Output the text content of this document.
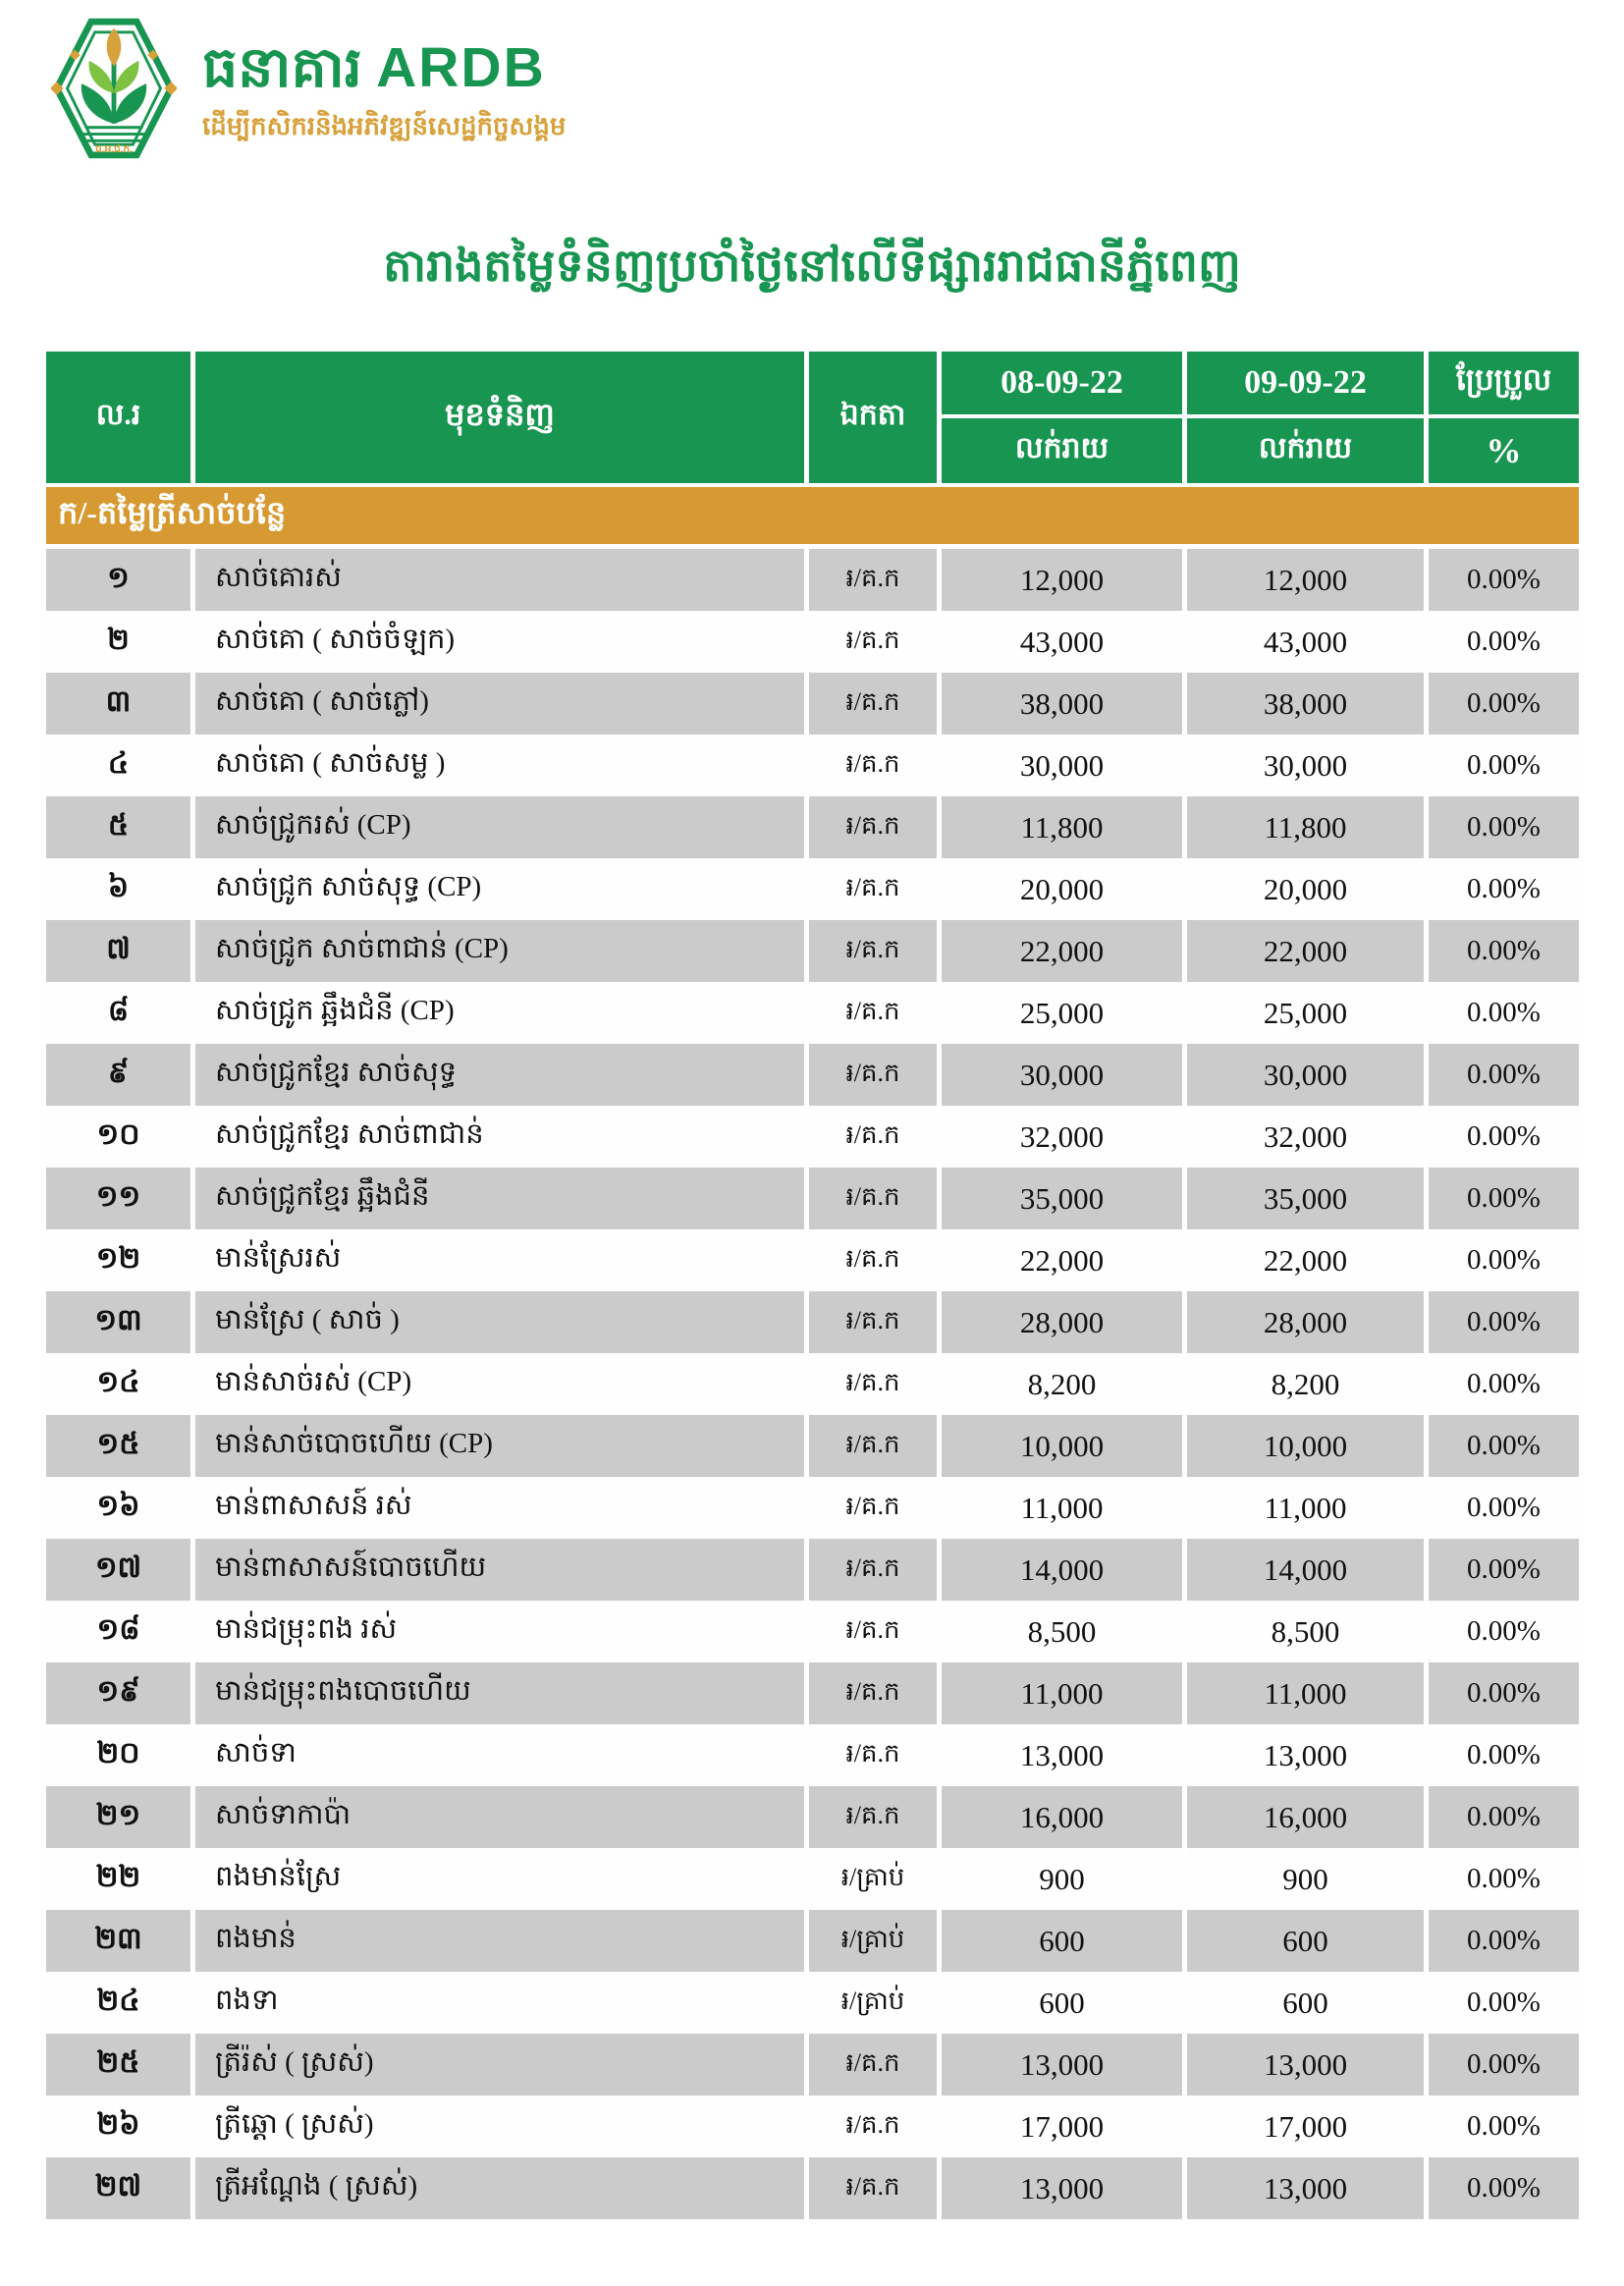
ធ.អ.ជ.ក.
ធនាគារ ARDB
ដើម្បីកសិករនិងអភិវឌ្ឍន៍សេដ្ឋកិច្ចសង្គម
តារាងតម្លៃទំនិញប្រចាំថ្ងៃនៅលើទីផ្សាររាជធានីភ្នំពេញ
ល.រ	មុខទំនិញ	ឯកតា
08-09-22	09-09-22	ប្រែប្រួល
លក់រាយ	លក់រាយ	%
ក/-តម្លៃត្រីសាច់បន្លែ
១	សាច់គោរស់	៛/គ.ក	12,000	12,000	0.00%
២	សាច់គោ ( សាច់ចំឡក)	៛/គ.ក	43,000	43,000	0.00%
៣	សាច់គោ ( សាច់ភ្លៅ)	៛/គ.ក	38,000	38,000	0.00%
៤	សាច់គោ ( សាច់សម្ល )	៛/គ.ក	30,000	30,000	0.00%
៥	សាច់ជ្រូករស់ (CP)	៛/គ.ក	11,800	11,800	0.00%
៦	សាច់ជ្រូក សាច់សុទ្ធ (CP)	៛/គ.ក	20,000	20,000	0.00%
៧	សាច់ជ្រូក សាច់ពាជាន់ (CP)	៛/គ.ក	22,000	22,000	0.00%
៨	សាច់ជ្រូក ឆ្អឹងជំនី (CP)	៛/គ.ក	25,000	25,000	0.00%
៩	សាច់ជ្រូកខ្មែរ សាច់សុទ្ធ	៛/គ.ក	30,000	30,000	0.00%
១០	សាច់ជ្រូកខ្មែរ សាច់ពាជាន់	៛/គ.ក	32,000	32,000	0.00%
១១	សាច់ជ្រូកខ្មែរ ឆ្អឹងជំនី	៛/គ.ក	35,000	35,000	0.00%
១២	មាន់ស្រែរស់	៛/គ.ក	22,000	22,000	0.00%
១៣	មាន់ស្រែ ( សាច់ )	៛/គ.ក	28,000	28,000	0.00%
១៤	មាន់សាច់រស់ (CP)	៛/គ.ក	8,200	8,200	0.00%
១៥	មាន់សាច់បោចហើយ (CP)	៛/គ.ក	10,000	10,000	0.00%
១៦	មាន់ពាសាសន៍ រស់	៛/គ.ក	11,000	11,000	0.00%
១៧	មាន់ពាសាសន៍បោចហើយ	៛/គ.ក	14,000	14,000	0.00%
១៨	មាន់ជម្រុះពង រស់	៛/គ.ក	8,500	8,500	0.00%
១៩	មាន់ជម្រុះពងបោចហើយ	៛/គ.ក	11,000	11,000	0.00%
២០	សាច់ទា	៛/គ.ក	13,000	13,000	0.00%
២១	សាច់ទាកាប៉ា	៛/គ.ក	16,000	16,000	0.00%
២២	ពងមាន់ស្រែ	៛/គ្រាប់	900	900	0.00%
២៣	ពងមាន់	៛/គ្រាប់	600	600	0.00%
២៤	ពងទា	៛/គ្រាប់	600	600	0.00%
២៥	ត្រីរ៉ស់ ( ស្រស់)	៛/គ.ក	13,000	13,000	0.00%
២៦	ត្រីឆ្ដោ ( ស្រស់)	៛/គ.ក	17,000	17,000	0.00%
២៧	ត្រីអណ្ដែង ( ស្រស់)	៛/គ.ក	13,000	13,000	0.00%
